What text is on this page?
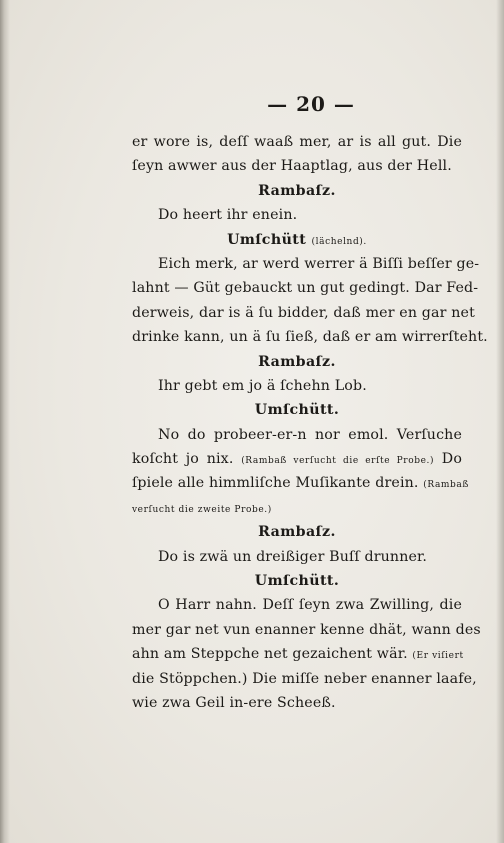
— 20 —
er wore is, deſſ waaß mer, ar is all gut. Die
ſeyn awwer aus der Haaptlag, aus der Hell.
Rambaſz.
Do heert ihr enein.
Umſchütt (lächelnd).
Eich merk, ar werd werrer ä Biſſi beſſer ge-
lahnt — Güt gebauckt un gut gedingt. Dar Fed-
derweis, dar is ä ſu bidder, daß mer en gar net
drinke kann, un ä ſu ſieß, daß er am wirrerſteht.
Rambaſz.
Ihr gebt em jo ä ſchehn Lob.
Umſchütt.
No do probeer-er-n nor emol. Verſuche
koſcht jo nix. (Rambaß verſucht die erſte Probe.) Do
ſpiele alle himmliſche Muſikante drein. (Rambaß
verſucht die zweite Probe.)
Rambaſz.
Do is zwä un dreißiger Buſſ drunner.
Umſchütt.
O Harr nahn. Deſſ ſeyn zwa Zwilling, die
mer gar net vun enanner kenne dhät, wann des
ahn am Steppche net gezaichent wär. (Er viſiert
die Stöppchen.) Die miſſe neber enanner laafe,
wie zwa Geil in-ere Scheeß.
